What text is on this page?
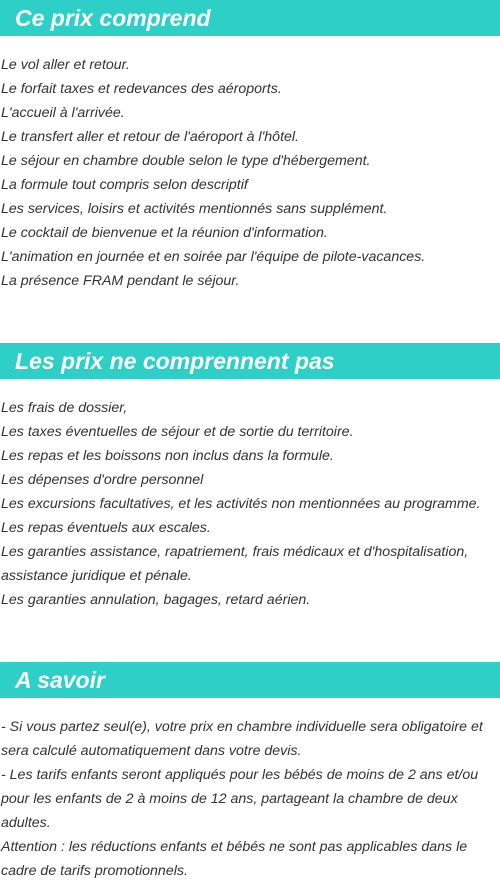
Ce prix comprend
Le vol aller et retour.
Le forfait taxes et redevances des aéroports.
L'accueil à l'arrivée.
Le transfert aller et retour de l'aéroport à l'hôtel.
Le séjour en chambre double selon le type d'hébergement.
La formule tout compris selon descriptif
Les services, loisirs et activités mentionnés sans supplément.
Le cocktail de bienvenue et la réunion d'information.
L'animation en journée et en soirée par l'équipe de pilote-vacances.
La présence FRAM pendant le séjour.
Les prix ne comprennent pas
Les frais de dossier,
Les taxes éventuelles de séjour et de sortie du territoire.
Les repas et les boissons non inclus dans la formule.
Les dépenses d'ordre personnel
Les excursions facultatives, et les activités non mentionnées au programme.
Les repas éventuels aux escales.
Les garanties assistance, rapatriement, frais médicaux et d'hospitalisation, assistance juridique et pénale.
Les garanties annulation, bagages, retard aérien.
A savoir
- Si vous partez seul(e), votre prix en chambre individuelle sera obligatoire et sera calculé automatiquement dans votre devis.
- Les tarifs enfants seront appliqués pour les bébés de moins de 2 ans et/ou pour les enfants de 2 à moins de 12 ans, partageant la chambre de deux adultes.
Attention : les réductions enfants et bébés ne sont pas applicables dans le cadre de tarifs promotionnels.
